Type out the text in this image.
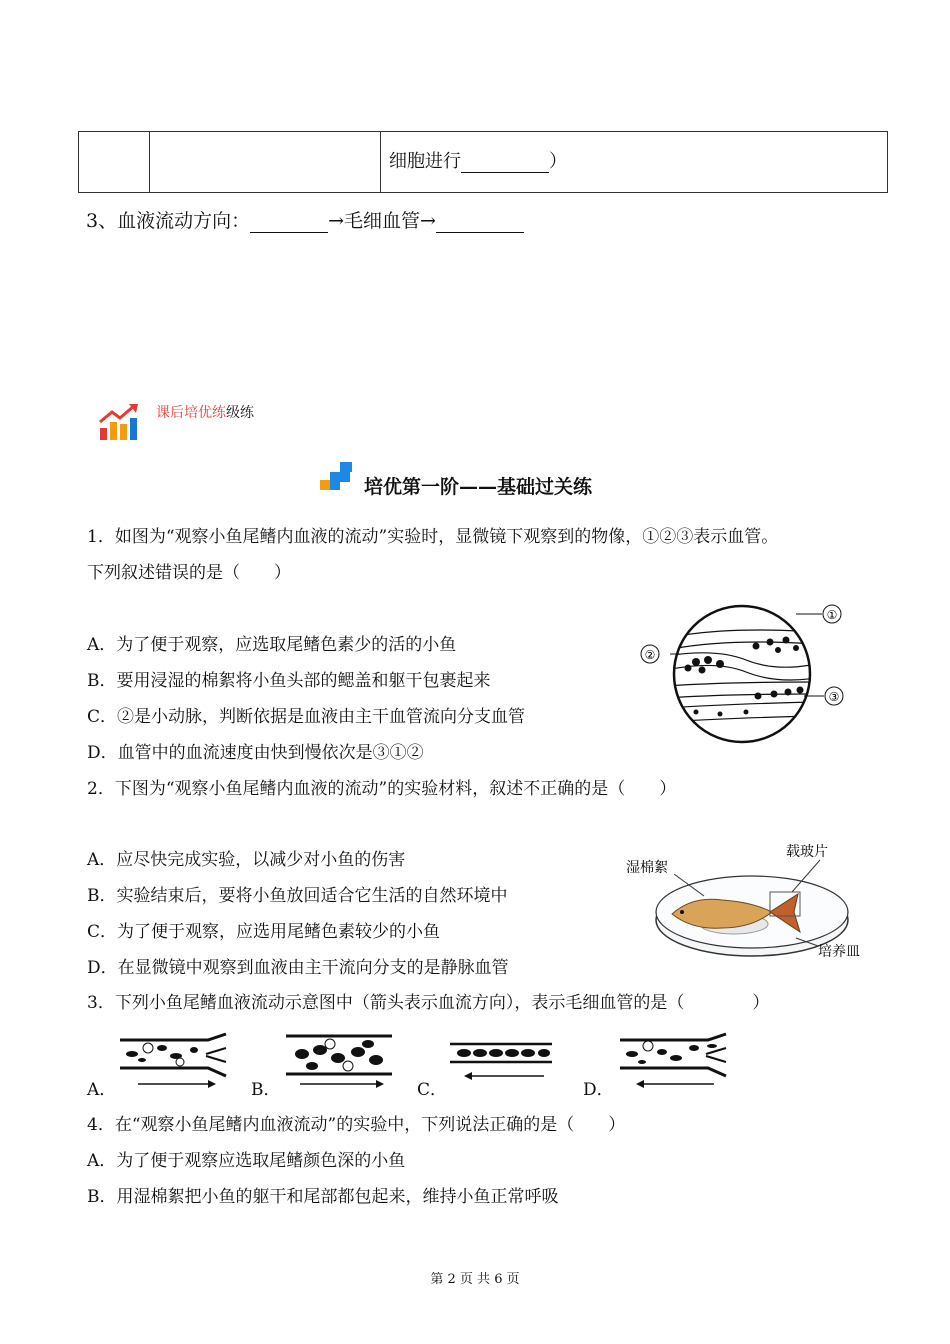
		细胞进行	）
3、血液流动方向：	→毛细血管→
课后培优练级练
培优第一阶——基础过关练
1．如图为“观察小鱼尾鳍内血液的流动”实验时，显微镜下观察到的物像，①②③表示血管。
下列叙述错误的是（　　）
A．为了便于观察，应选取尾鳍色素少的活的小鱼
B．要用浸湿的棉絮将小鱼头部的鳃盖和躯干包裹起来
C．②是小动脉，判断依据是血液由主干血管流向分支血管
D．血管中的血流速度由快到慢依次是③①②
①
②
③
2．下图为“观察小鱼尾鳍内血液的流动”的实验材料，叙述不正确的是（　　）
A．应尽快完成实验，以减少对小鱼的伤害
B．实验结束后，要将小鱼放回适合它生活的自然环境中
C．为了便于观察，应选用尾鳍色素较少的小鱼
D．在显微镜中观察到血液由主干流向分支的是静脉血管
湿棉絮
载玻片
培养皿
3．下列小鱼尾鳍血液流动示意图中（箭头表示血流方向），表示毛细血管的是（　　　　）
A．	B．	C．	D．
4．在“观察小鱼尾鳍内血液流动”的实验中，下列说法正确的是（　　）
A．为了便于观察应选取尾鳍颜色深的小鱼
B．用湿棉絮把小鱼的躯干和尾部都包起来，维持小鱼正常呼吸
第 2 页 共 6 页
